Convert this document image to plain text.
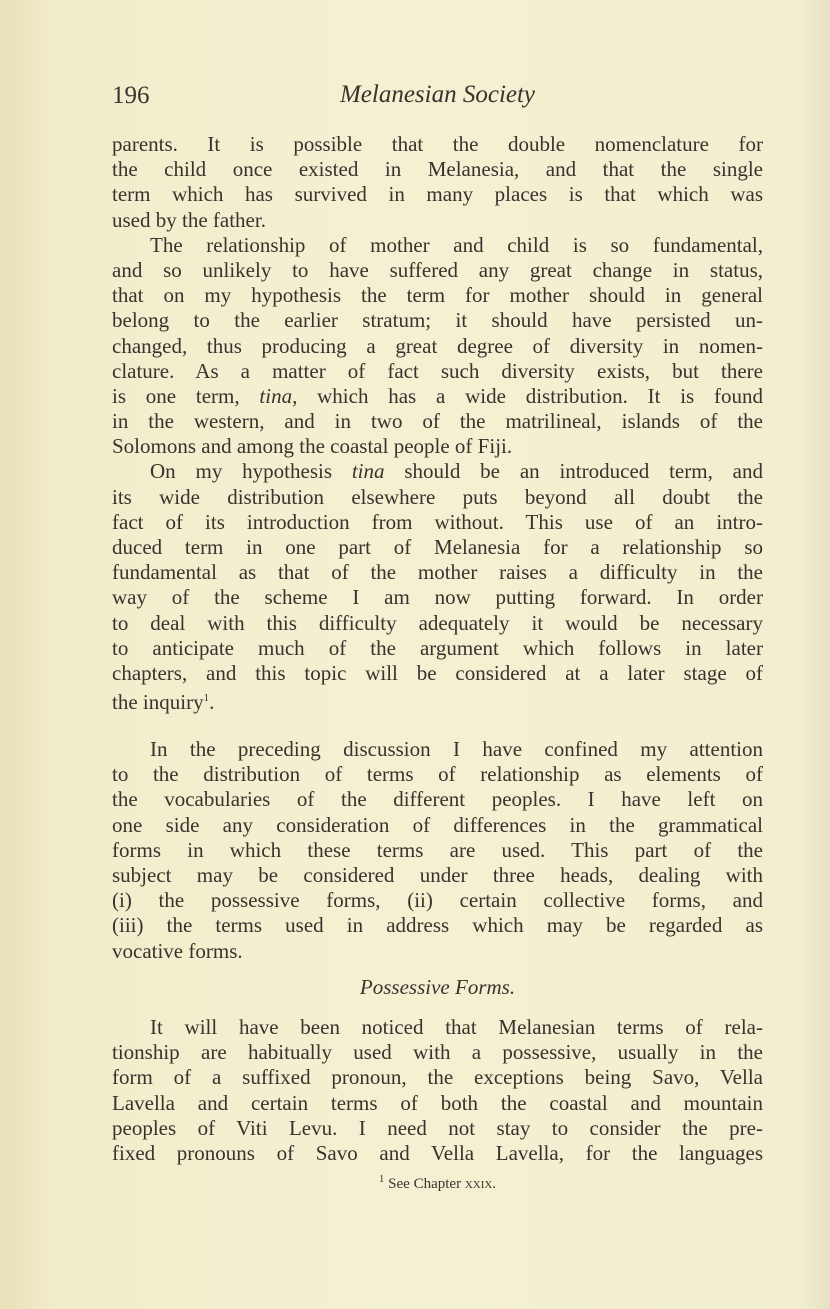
196	Melanesian Society
parents. It is possible that the double nomenclature for
the child once existed in Melanesia, and that the single
term which has survived in many places is that which was
used by the father.
The relationship of mother and child is so fundamental,
and so unlikely to have suffered any great change in status,
that on my hypothesis the term for mother should in general
belong to the earlier stratum; it should have persisted un-
changed, thus producing a great degree of diversity in nomen-
clature. As a matter of fact such diversity exists, but there
is one term, tina, which has a wide distribution. It is found
in the western, and in two of the matrilineal, islands of the
Solomons and among the coastal people of Fiji.
On my hypothesis tina should be an introduced term, and
its wide distribution elsewhere puts beyond all doubt the
fact of its introduction from without. This use of an intro-
duced term in one part of Melanesia for a relationship so
fundamental as that of the mother raises a difficulty in the
way of the scheme I am now putting forward. In order
to deal with this difficulty adequately it would be necessary
to anticipate much of the argument which follows in later
chapters, and this topic will be considered at a later stage of
the inquiry$^1$.
In the preceding discussion I have confined my attention
to the distribution of terms of relationship as elements of
the vocabularies of the different peoples. I have left on
one side any consideration of differences in the grammatical
forms in which these terms are used. This part of the
subject may be considered under three heads, dealing with
(i) the possessive forms, (ii) certain collective forms, and
(iii) the terms used in address which may be regarded as
vocative forms.
Possessive Forms.
It will have been noticed that Melanesian terms of rela-
tionship are habitually used with a possessive, usually in the
form of a suffixed pronoun, the exceptions being Savo, Vella
Lavella and certain terms of both the coastal and mountain
peoples of Viti Levu. I need not stay to consider the pre-
fixed pronouns of Savo and Vella Lavella, for the languages
$^1$ See Chapter xxix.
